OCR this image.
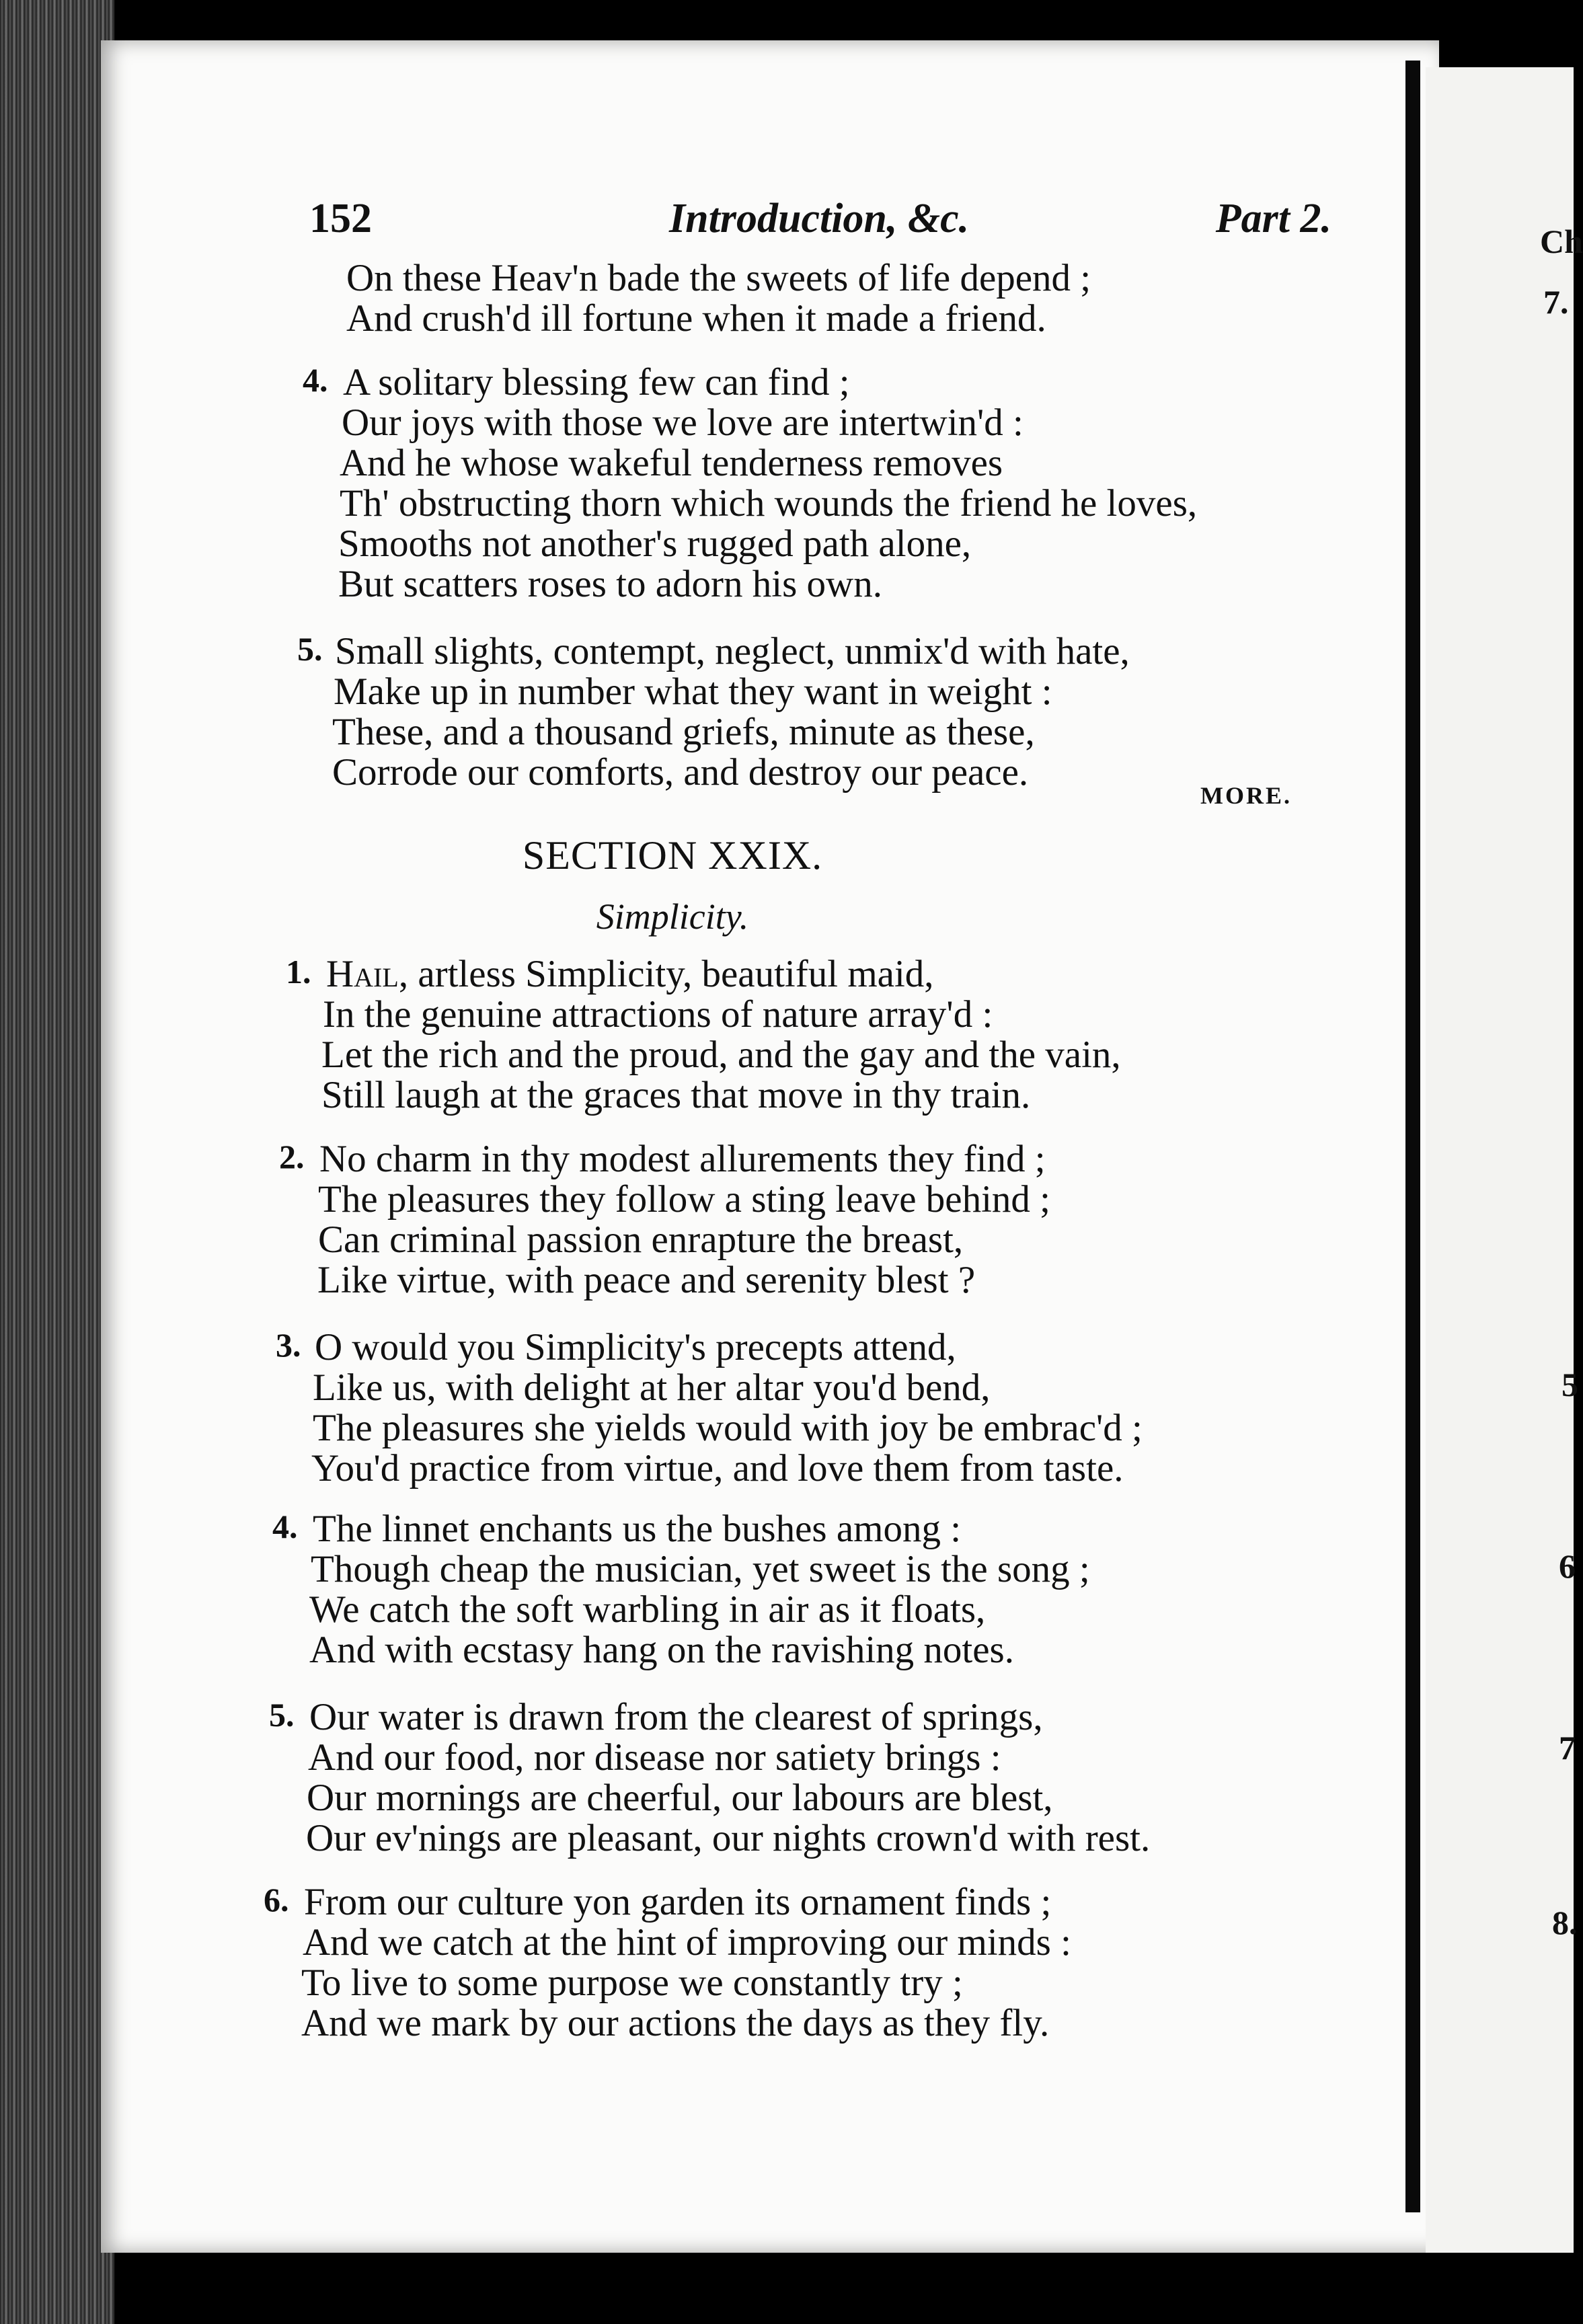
Ch
7.
5
6
7
8.
152	Introduction, &c.	Part 2.
On these Heav'n bade the sweets of life depend ;
And crush'd ill fortune when it made a friend.
4. A solitary blessing few can find ;
Our joys with those we love are intertwin'd :
And he whose wakeful tenderness removes
Th' obstructing thorn which wounds the friend he loves,
Smooths not another's rugged path alone,
But scatters roses to adorn his own.
5. Small slights, contempt, neglect, unmix'd with hate,
Make up in number what they want in weight :
These, and a thousand griefs, minute as these,
Corrode our comforts, and destroy our peace.
MORE.
SECTION XXIX.
Simplicity.
1. Hail, artless Simplicity, beautiful maid,
In the genuine attractions of nature array'd :
Let the rich and the proud, and the gay and the vain,
Still laugh at the graces that move in thy train.
2. No charm in thy modest allurements they find ;
The pleasures they follow a sting leave behind ;
Can criminal passion enrapture the breast,
Like virtue, with peace and serenity blest ?
3. O would you Simplicity's precepts attend,
Like us, with delight at her altar you'd bend,
The pleasures she yields would with joy be embrac'd ;
You'd practice from virtue, and love them from taste.
4. The linnet enchants us the bushes among :
Though cheap the musician, yet sweet is the song ;
We catch the soft warbling in air as it floats,
And with ecstasy hang on the ravishing notes.
5. Our water is drawn from the clearest of springs,
And our food, nor disease nor satiety brings :
Our mornings are cheerful, our labours are blest,
Our ev'nings are pleasant, our nights crown'd with rest.
6. From our culture yon garden its ornament finds ;
And we catch at the hint of improving our minds :
To live to some purpose we constantly try ;
And we mark by our actions the days as they fly.
